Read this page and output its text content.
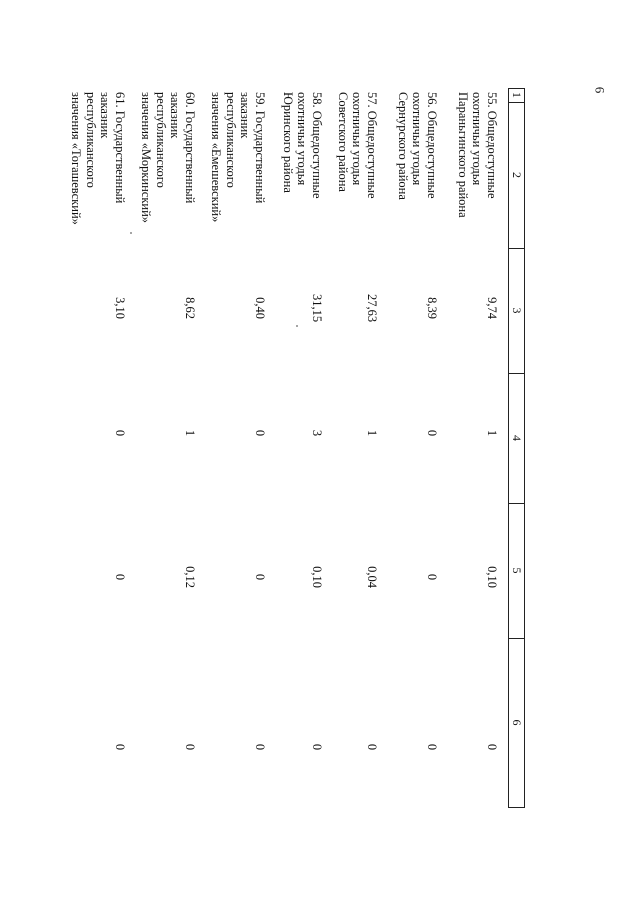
6
1
2
3
4
5
6
55. Общедоступные
охотничьи угодья
Параньгинского района
9,74
1
0,10
0
56. Общедоступные
охотничьи угодья
Сернурского района
8,39
0
0
0
57. Общедоступные
охотничьи угодья
Советского района
27,63
1
0,04
0
58. Общедоступные
охотничьи угодья
Юринского района
31,15
3
0,10
0
59. Государственный
заказник
республиканского
значения «Емешевский»
0,40
0
0
0
60. Государственный
заказник
республиканского
значения «Моркинский»
8,62
1
0,12
0
61. Государственный
заказник
республиканского
значения «Тогашевский»
3,10
0
0
0
